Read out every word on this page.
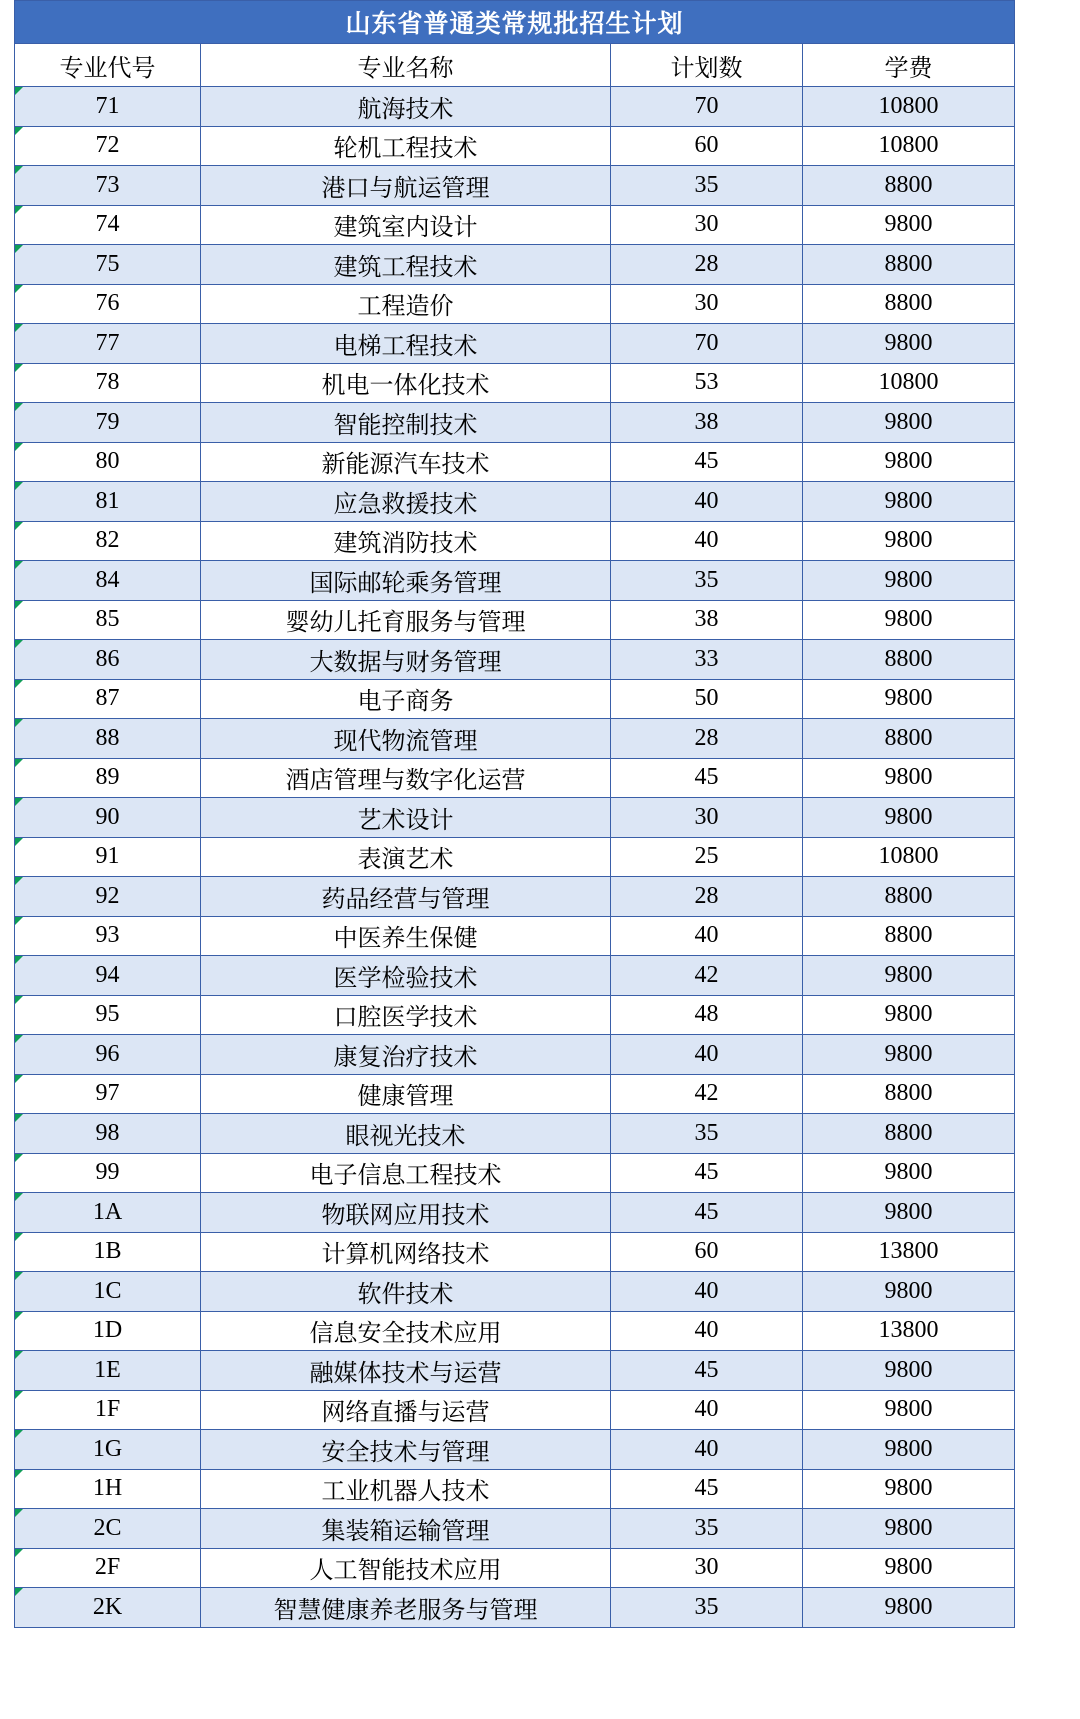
山东省普通类常规批招生计划			
专业代号	专业名称	计划数	学费

71	航海技术	70	10800

72	轮机工程技术	60	10800

73	港口与航运管理	35	8800

74	建筑室内设计	30	9800

75	建筑工程技术	28	8800

76	工程造价	30	8800

77	电梯工程技术	70	9800

78	机电一体化技术	53	10800

79	智能控制技术	38	9800

80	新能源汽车技术	45	9800

81	应急救援技术	40	9800

82	建筑消防技术	40	9800

84	国际邮轮乘务管理	35	9800

85	婴幼儿托育服务与管理	38	9800

86	大数据与财务管理	33	8800

87	电子商务	50	9800

88	现代物流管理	28	8800

89	酒店管理与数字化运营	45	9800

90	艺术设计	30	9800

91	表演艺术	25	10800

92	药品经营与管理	28	8800

93	中医养生保健	40	8800

94	医学检验技术	42	9800

95	口腔医学技术	48	9800

96	康复治疗技术	40	9800

97	健康管理	42	8800

98	眼视光技术	35	8800

99	电子信息工程技术	45	9800

1A	物联网应用技术	45	9800

1B	计算机网络技术	60	13800

1C	软件技术	40	9800

1D	信息安全技术应用	40	13800

1E	融媒体技术与运营	45	9800

1F	网络直播与运营	40	9800

1G	安全技术与管理	40	9800

1H	工业机器人技术	45	9800

2C	集装箱运输管理	35	9800

2F	人工智能技术应用	30	9800

2K	智慧健康养老服务与管理	35	9800
